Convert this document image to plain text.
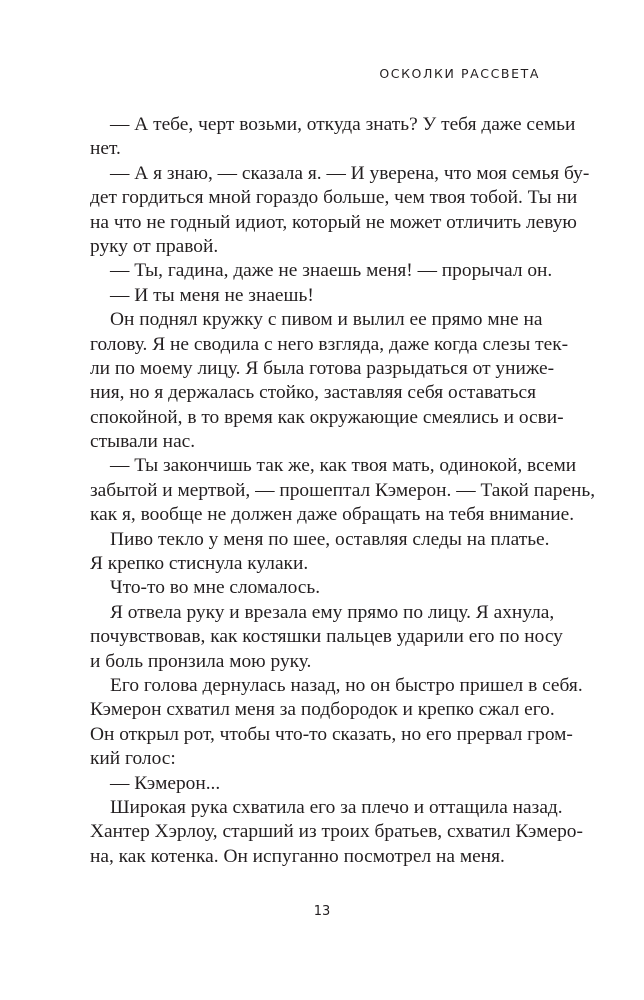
ОСКОЛКИ РАССВЕТА
— А тебе, черт возьми, откуда знать? У тебя даже семьи
нет.
— А я знаю, — сказала я. — И уверена, что моя семья бу-
дет гордиться мной гораздо больше, чем твоя тобой. Ты ни
на что не годный идиот, который не может отличить левую
руку от правой.
— Ты, гадина, даже не знаешь меня! — прорычал он.
— И ты меня не знаешь!
Он поднял кружку с пивом и вылил ее прямо мне на
голову. Я не сводила с него взгляда, даже когда слезы тек-
ли по моему лицу. Я была готова разрыдаться от униже-
ния, но я держалась стойко, заставляя себя оставаться
спокойной, в то время как окружающие смеялись и осви-
стывали нас.
— Ты закончишь так же, как твоя мать, одинокой, всеми
забытой и мертвой, — прошептал Кэмерон. — Такой парень,
как я, вообще не должен даже обращать на тебя внимание.
Пиво текло у меня по шее, оставляя следы на платье.
Я крепко стиснула кулаки.
Что-то во мне сломалось.
Я отвела руку и врезала ему прямо по лицу. Я ахнула,
почувствовав, как костяшки пальцев ударили его по носу
и боль пронзила мою руку.
Его голова дернулась назад, но он быстро пришел в себя.
Кэмерон схватил меня за подбородок и крепко сжал его.
Он открыл рот, чтобы что-то сказать, но его прервал гром-
кий голос:
— Кэмерон...
Широкая рука схватила его за плечо и оттащила назад.
Хантер Хэрлоу, старший из троих братьев, схватил Кэмеро-
на, как котенка. Он испуганно посмотрел на меня.
13
